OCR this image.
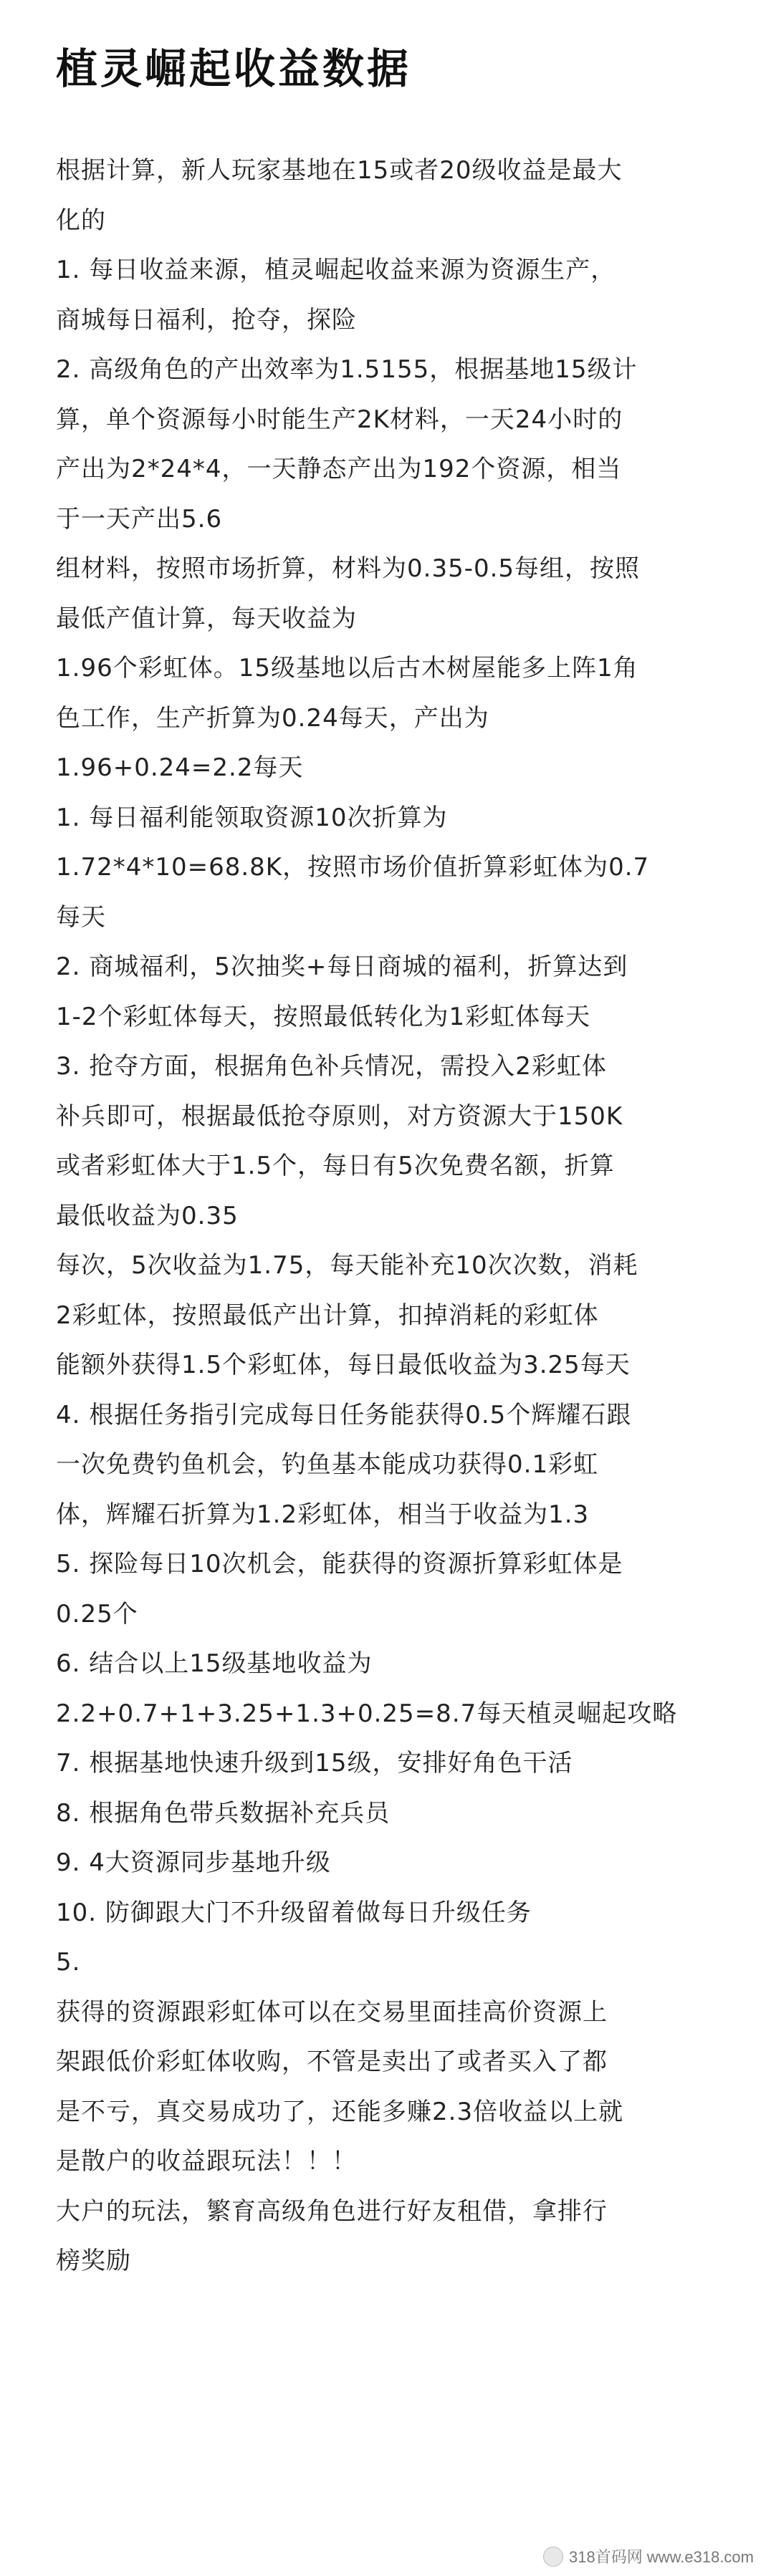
植灵崛起收益数据
根据计算，新人玩家基地在15或者20级收益是最大
化的
1. 每日收益来源，植灵崛起收益来源为资源生产，
商城每日福利，抢夺，探险
2. 高级角色的产出效率为1.5155，根据基地15级计
算，单个资源每小时能生产2K材料，一天24小时的
产出为2*24*4，一天静态产出为192个资源，相当
于一天产出5.6
组材料，按照市场折算，材料为0.35-0.5每组，按照
最低产值计算，每天收益为
1.96个彩虹体。15级基地以后古木树屋能多上阵1角
色工作，生产折算为0.24每天，产出为
1.96+0.24=2.2每天
1. 每日福利能领取资源10次折算为
1.72*4*10=68.8K，按照市场价值折算彩虹体为0.7
每天
2. 商城福利，5次抽奖+每日商城的福利，折算达到
1-2个彩虹体每天，按照最低转化为1彩虹体每天
3. 抢夺方面，根据角色补兵情况，需投入2彩虹体
补兵即可，根据最低抢夺原则，对方资源大于150K
或者彩虹体大于1.5个，每日有5次免费名额，折算
最低收益为0.35
每次，5次收益为1.75，每天能补充10次次数，消耗
2彩虹体，按照最低产出计算，扣掉消耗的彩虹体
能额外获得1.5个彩虹体，每日最低收益为3.25每天
4. 根据任务指引完成每日任务能获得0.5个辉耀石跟
一次免费钓鱼机会，钓鱼基本能成功获得0.1彩虹
体，辉耀石折算为1.2彩虹体，相当于收益为1.3
5. 探险每日10次机会，能获得的资源折算彩虹体是
0.25个
6. 结合以上15级基地收益为
2.2+0.7+1+3.25+1.3+0.25=8.7每天植灵崛起攻略
7. 根据基地快速升级到15级，安排好角色干活
8. 根据角色带兵数据补充兵员
9. 4大资源同步基地升级
10. 防御跟大门不升级留着做每日升级任务
5.
获得的资源跟彩虹体可以在交易里面挂高价资源上
架跟低价彩虹体收购，不管是卖出了或者买入了都
是不亏，真交易成功了，还能多赚2.3倍收益以上就
是散户的收益跟玩法！！！
大户的玩法，繁育高级角色进行好友租借，拿排行
榜奖励
318首码网 www.e318.com
